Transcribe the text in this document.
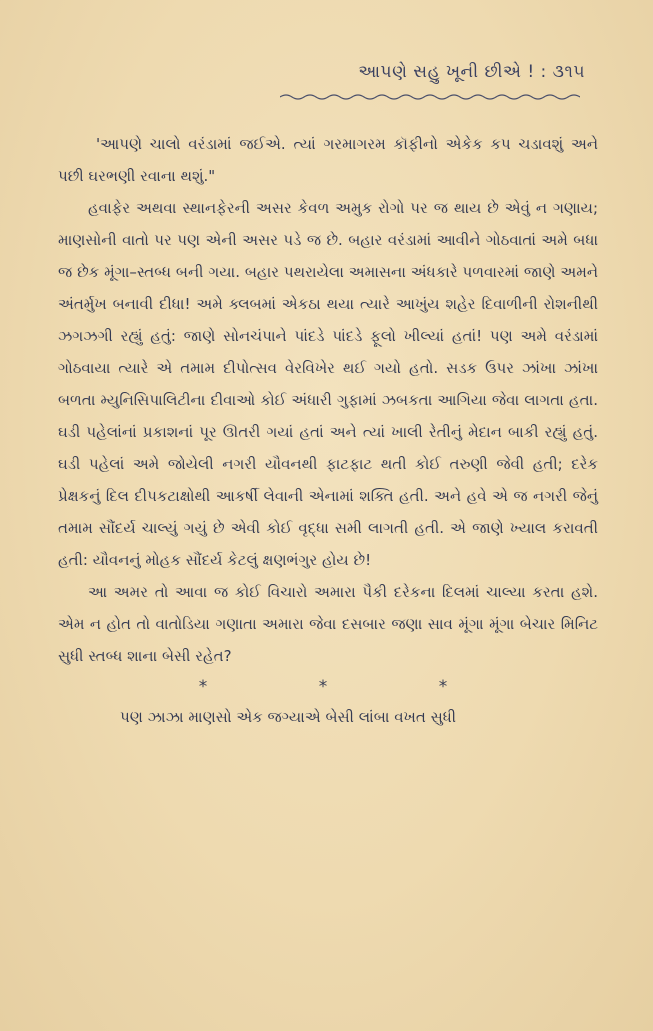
આપણે સહુ ખૂની છીએ ! : ૩૧૫

'આપણે ચાલો વરંડામાં જઈએ. ત્યાં ગરમાગરમ કૉફીનો એકેક કપ ચડાવશું અને પછી ઘરભણી રવાના થશું."

હવાફેર અથવા સ્થાનફેરની અસર કેવળ અમુક રોગો પર જ થાય છે એવું ન ગણાય; માણસોની વાતો પર પણ એની અસર પડે જ છે. બહાર વરંડામાં આવીને ગોઠવાતાં અમે બધા જ છેક મૂંગા–સ્તબ્ધ બની ગયા. બહાર પથરાયેલા અમાસના અંધકારે પળવારમાં જાણે અમને અંતર્મુખ બનાવી દીધા! અમે ક્લબમાં એકઠા થયા ત્યારે આખુંય શહેર દિવાળીની રોશનીથી ઝગઝગી રહ્યું હતું: જાણે સોનચંપાને પાંદડે પાંદડે ફૂલો ખીલ્યાં હતાં! પણ અમે વરંડામાં ગોઠવાયા ત્યારે એ તમામ દીપોત્સવ વેરવિખેર થઈ ગયો હતો. સડક ઉપર ઝાંખા ઝાંખા બળતા મ્યુનિસિપાલિટીના દીવાઓ કોઈ અંધારી ગુફામાં ઝબકતા આગિયા જેવા લાગતા હતા. ઘડી પહેલાંનાં પ્રકાશનાં પૂર ઊતરી ગયાં હતાં અને ત્યાં ખાલી રેતીનું મેદાન બાકી રહ્યું હતું. ઘડી પહેલાં અમે જોયેલી નગરી યૌવનથી ફાટફાટ થતી કોઈ તરુણી જેવી હતી; દરેક પ્રેક્ષકનું દિલ દીપકટાક્ષોથી આકર્ષી લેવાની એનામાં શક્તિ હતી. અને હવે એ જ નગરી જેનું તમામ સૌંદર્ય ચાલ્યું ગયું છે એવી કોઈ વૃદ્ધા સમી લાગતી હતી. એ જાણે ખ્યાલ કરાવતી હતી: યૌવનનું મોહક સૌંદર્ય કેટલું ક્ષણભંગુર હોય છે!

આ અમર તો આવા જ કોઈ વિચારો અમારા પૈકી દરેકના દિલમાં ચાલ્યા કરતા હશે. એમ ન હોત તો વાતોડિયા ગણાતા અમારા જેવા દસબાર જણા સાવ મૂંગા મૂંગા બેચાર મિનિટ સુધી સ્તબ્ધ શાના બેસી રહેત?

*	*	*

પણ ઝાઝા માણસો એક જગ્યાએ બેસી લાંબા વખત સુધી
